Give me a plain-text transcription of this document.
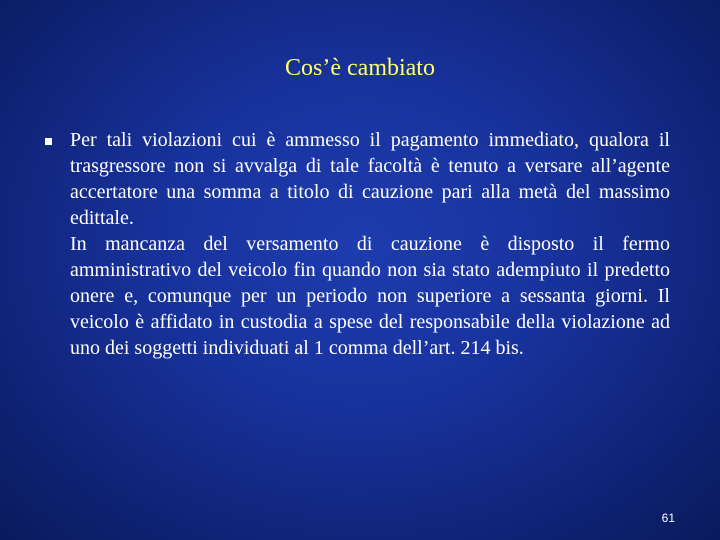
Cos’è cambiato

Per tali violazioni cui è ammesso il pagamento immediato, qualora il trasgressore non si avvalga di tale facoltà è tenuto a versare all’agente accertatore una somma a titolo di cauzione pari alla metà del massimo edittale.

In mancanza del versamento di cauzione è disposto il fermo amministrativo del veicolo fin quando non sia stato adempiuto il predetto onere e, comunque per un periodo non superiore a sessanta giorni. Il veicolo è affidato in custodia a spese del responsabile della violazione ad uno dei soggetti individuati al 1 comma dell’art. 214 bis.

61
